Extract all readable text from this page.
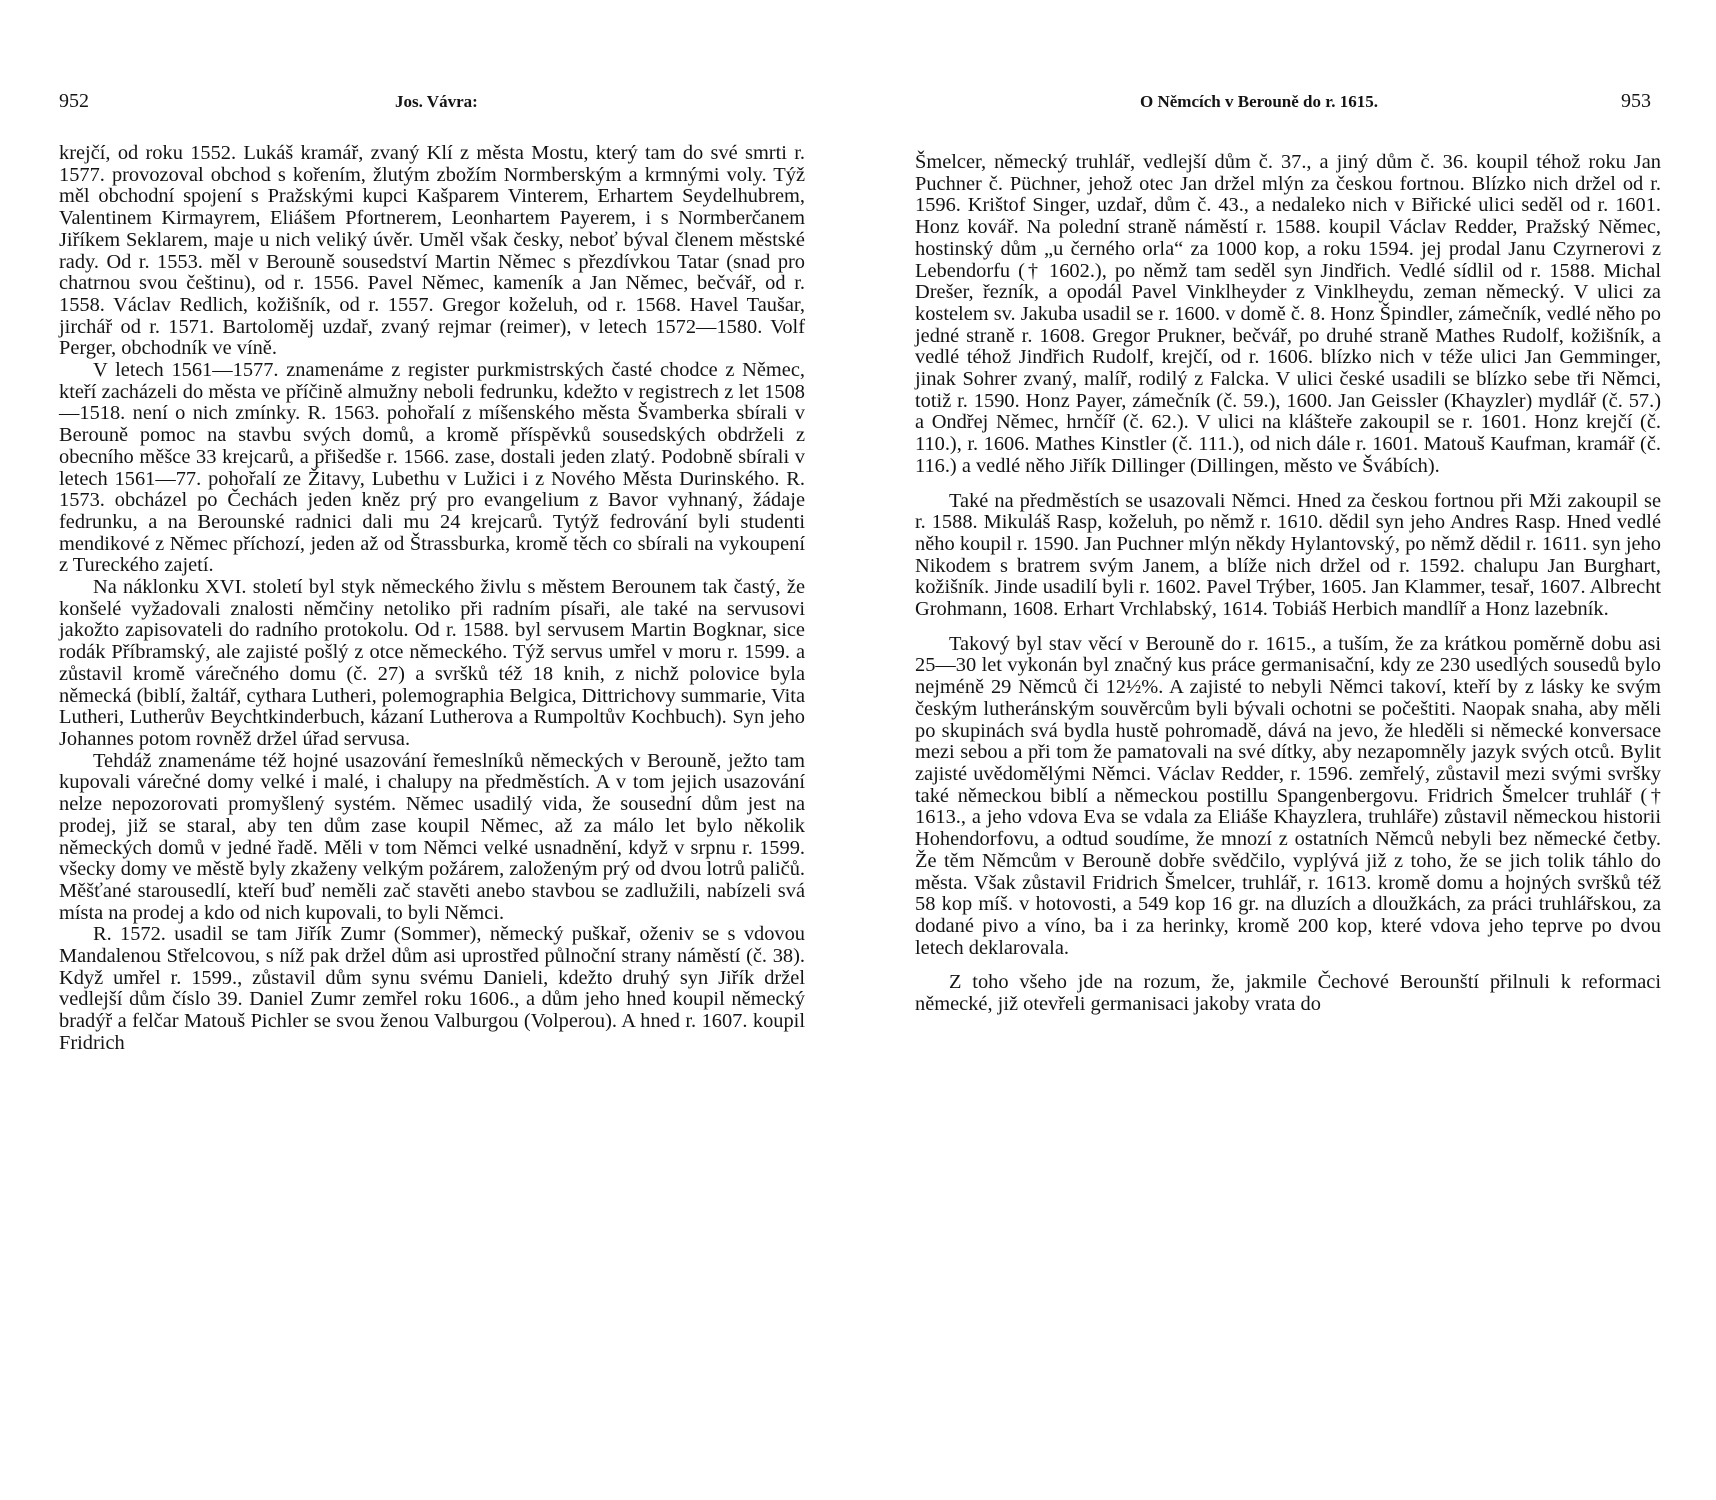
952	Jos. Vávra:

krejčí, od roku 1552. Lukáš kramář, zvaný Klí z města Mostu, který tam do své smrti r. 1577. provozoval obchod s kořením, žlutým zbožím Normberským a krmnými voly. Týž měl obchodní spojení s Pražskými kupci Kašparem Vinterem, Erhartem Seydelhubrem, Valentinem Kirmayrem, Eliášem Pfortnerem, Leonhartem Payerem, i s Normberčanem Jiříkem Seklarem, maje u nich veliký úvěr. Uměl však česky, neboť býval členem městské rady. Od r. 1553. měl v Berouně sousedství Martin Němec s přezdívkou Tatar (snad pro chatrnou svou češtinu), od r. 1556. Pavel Němec, kameník a Jan Němec, bečvář, od r. 1558. Václav Redlich, kožišník, od r. 1557. Gregor koželuh, od r. 1568. Havel Taušar, jirchář od r. 1571. Bartoloměj uzdař, zvaný rejmar (reimer), v letech 1572—1580. Volf Perger, obchodník ve víně.

V letech 1561—1577. znamenáme z register purkmistrských časté chodce z Němec, kteří zacházeli do města ve příčině almužny neboli fedrunku, kdežto v registrech z let 1508—1518. není o nich zmínky. R. 1563. pohořalí z míšenského města Švamberka sbírali v Berouně pomoc na stavbu svých domů, a kromě příspěvků sousedských obdrželi z obecního měšce 33 krejcarů, a přišedše r. 1566. zase, dostali jeden zlatý. Podobně sbírali v letech 1561—77. pohořalí ze Žitavy, Lubethu v Lužici i z Nového Města Durinského. R. 1573. obcházel po Čechách jeden kněz prý pro evangelium z Bavor vyhnaný, žádaje fedrunku, a na Berounské radnici dali mu 24 krejcarů. Tytýž fedrování byli studenti mendikové z Němec příchozí, jeden až od Štrassburka, kromě těch co sbírali na vykoupení z Tureckého zajetí.

Na náklonku XVI. století byl styk německého živlu s městem Berounem tak častý, že konšelé vyžadovali znalosti němčiny netoliko při radním písaři, ale také na servusovi jakožto zapisovateli do radního protokolu. Od r. 1588. byl servusem Martin Bogknar, sice rodák Příbramský, ale zajisté pošlý z otce německého. Týž servus umřel v moru r. 1599. a zůstavil kromě várečného domu (č. 27) a svršků též 18 knih, z nichž polovice byla německá (biblí, žaltář, cythara Lutheri, polemographia Belgica, Dittrichovy summarie, Vita Lutheri, Lutherův Beychtkinderbuch, kázaní Lutherova a Rumpoltův Kochbuch). Syn jeho Johannes potom rovněž držel úřad servusa.

Tehdáž znamenáme též hojné usazování řemeslníků německých v Berouně, ježto tam kupovali várečné domy velké i malé, i chalupy na předměstích. A v tom jejich usazování nelze nepozorovati promyšlený systém. Němec usadilý vida, že sousední dům jest na prodej, již se staral, aby ten dům zase koupil Němec, až za málo let bylo několik německých domů v jedné řadě. Měli v tom Němci velké usnadnění, když v srpnu r. 1599. všecky domy ve městě byly zkaženy velkým požárem, založeným prý od dvou lotrů paličů. Měšťané starousedlí, kteří buď neměli zač stavěti anebo stavbou se zadlužili, nabízeli svá místa na prodej a kdo od nich kupovali, to byli Němci.

R. 1572. usadil se tam Jiřík Zumr (Sommer), německý puškař, oženiv se s vdovou Mandalenou Střelcovou, s níž pak držel dům asi uprostřed půlnoční strany náměstí (č. 38). Když umřel r. 1599., zůstavil dům synu svému Danieli, kdežto druhý syn Jiřík držel vedlejší dům číslo 39. Daniel Zumr zemřel roku 1606., a dům jeho hned koupil německý bradýř a felčar Matouš Pichler se svou ženou Valburgou (Volperou). A hned r. 1607. koupil Fridrich

O Němcích v Berouně do r. 1615.	953

Šmelcer, německý truhlář, vedlejší dům č. 37., a jiný dům č. 36. koupil téhož roku Jan Puchner č. Püchner, jehož otec Jan držel mlýn za českou fortnou. Blízko nich držel od r. 1596. Krištof Singer, uzdař, dům č. 43., a nedaleko nich v Biřické ulici seděl od r. 1601. Honz kovář. Na polední straně náměstí r. 1588. koupil Václav Redder, Pražský Němec, hostinský dům „u černého orla“ za 1000 kop, a roku 1594. jej prodal Janu Czyrnerovi z Lebendorfu († 1602.), po němž tam seděl syn Jindřich. Vedlé sídlil od r. 1588. Michal Drešer, řezník, a opodál Pavel Vinklheyder z Vinklheydu, zeman německý. V ulici za kostelem sv. Jakuba usadil se r. 1600. v domě č. 8. Honz Špindler, zámečník, vedlé něho po jedné straně r. 1608. Gregor Prukner, bečvář, po druhé straně Mathes Rudolf, kožišník, a vedlé téhož Jindřich Rudolf, krejčí, od r. 1606. blízko nich v téže ulici Jan Gemminger, jinak Sohrer zvaný, malíř, rodilý z Falcka. V ulici české usadili se blízko sebe tři Němci, totiž r. 1590. Honz Payer, zámečník (č. 59.), 1600. Jan Geissler (Khayzler) mydlář (č. 57.) a Ondřej Němec, hrnčíř (č. 62.). V ulici na klášteře zakoupil se r. 1601. Honz krejčí (č. 110.), r. 1606. Mathes Kinstler (č. 111.), od nich dále r. 1601. Matouš Kaufman, kramář (č. 116.) a vedlé něho Jiřík Dillinger (Dillingen, město ve Švábích).

Také na předměstích se usazovali Němci. Hned za českou fortnou při Mži zakoupil se r. 1588. Mikuláš Rasp, koželuh, po němž r. 1610. dědil syn jeho Andres Rasp. Hned vedlé něho koupil r. 1590. Jan Puchner mlýn někdy Hylantovský, po němž dědil r. 1611. syn jeho Nikodem s bratrem svým Janem, a blíže nich držel od r. 1592. chalupu Jan Burghart, kožišník. Jinde usadilí byli r. 1602. Pavel Trýber, 1605. Jan Klammer, tesař, 1607. Albrecht Grohmann, 1608. Erhart Vrchlabský, 1614. Tobiáš Herbich mandlíř a Honz lazebník.

Takový byl stav věcí v Berouně do r. 1615., a tuším, že za krátkou poměrně dobu asi 25—30 let vykonán byl značný kus práce germanisační, kdy ze 230 usedlých sousedů bylo nejméně 29 Němců či 12½%. A zajisté to nebyli Němci takoví, kteří by z lásky ke svým českým lutheránským souvěrcům byli bývali ochotni se počeštiti. Naopak snaha, aby měli po skupinách svá bydla hustě pohromadě, dává na jevo, že hleděli si německé konversace mezi sebou a při tom že pamatovali na své dítky, aby nezapomněly jazyk svých otců. Bylit zajisté uvědomělými Němci. Václav Redder, r. 1596. zemřelý, zůstavil mezi svými svršky také německou biblí a německou postillu Spangenbergovu. Fridrich Šmelcer truhlář († 1613., a jeho vdova Eva se vdala za Eliáše Khayzlera, truhláře) zůstavil německou historii Hohendorfovu, a odtud soudíme, že mnozí z ostatních Němců nebyli bez německé četby. Že těm Němcům v Berouně dobře svědčilo, vyplývá již z toho, že se jich tolik táhlo do města. Však zůstavil Fridrich Šmelcer, truhlář, r. 1613. kromě domu a hojných svršků též 58 kop míš. v hotovosti, a 549 kop 16 gr. na dluzích a dloužkách, za práci truhlářskou, za dodané pivo a víno, ba i za herinky, kromě 200 kop, které vdova jeho teprve po dvou letech deklarovala.

Z toho všeho jde na rozum, že, jakmile Čechové Berounští přilnuli k reformaci německé, již otevřeli germanisaci jakoby vrata do
